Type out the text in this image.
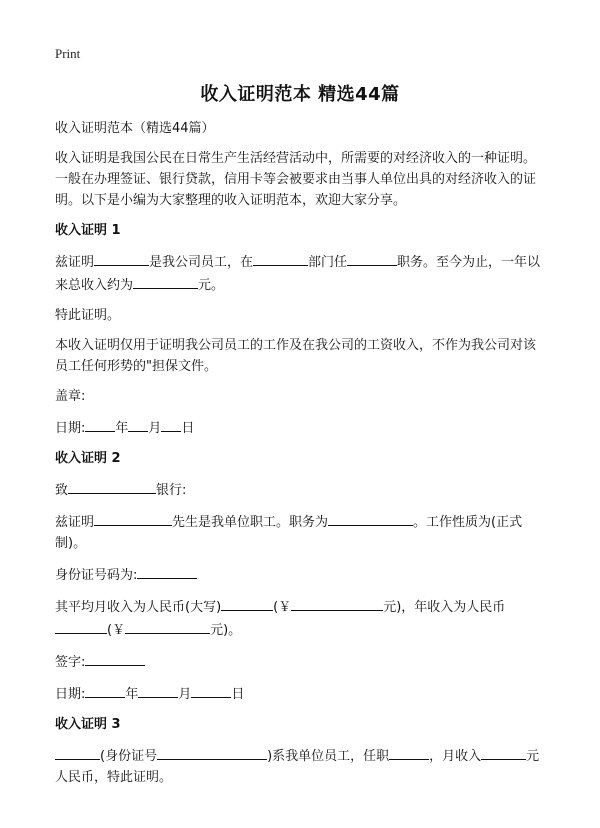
Print
收入证明范本 精选44篇

收入证明范本（精选44篇）

收入证明是我国公民在日常生产生活经营活动中，所需要的对经济收入的一种证明。一般在办理签证、银行贷款，信用卡等会被要求由当事人单位出具的对经济收入的证明。以下是小编为大家整理的收入证明范本，欢迎大家分享。

收入证明 1

兹证明	是我公司员工，在	部门任	职务。至今为止，一年以来总收入约为	元。

特此证明。

本收入证明仅用于证明我公司员工的工作及在我公司的工资收入，不作为我公司对该员工任何形势的"担保文件。

盖章:

日期: 年 月 日

收入证明 2

致	银行:

兹证明	先生是我单位职工。职务为	。工作性质为(正式制)。

身份证号码为:

其平均月收入为人民币(大写)	(￥	元)，年收入为人民币(￥	元)。

签字:

日期:	年	月	日

收入证明 3

(身份证号	)系我单位员工，任职	，月收入	元人民币，特此证明。
